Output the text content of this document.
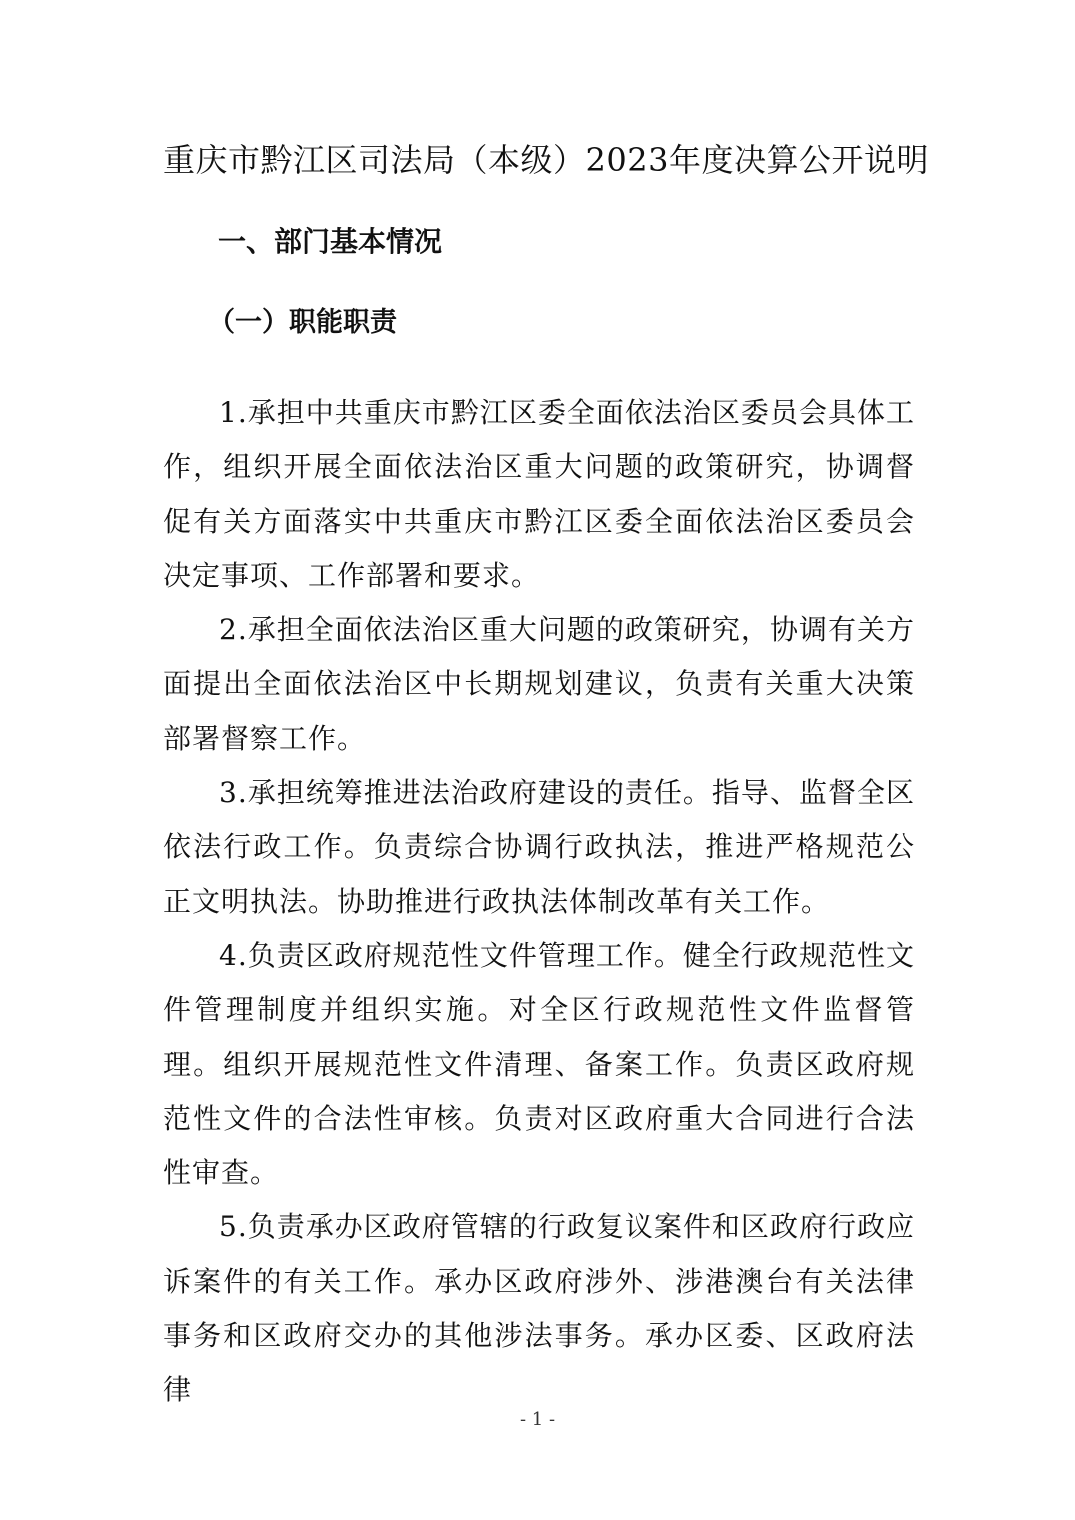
重庆市黔江区司法局（本级）2023年度决算公开说明
一、部门基本情况
（一）职能职责

1.承担中共重庆市黔江区委全面依法治区委员会具体工作，组织开展全面依法治区重大问题的政策研究，协调督促有关方面落实中共重庆市黔江区委全面依法治区委员会决定事项、工作部署和要求。

2.承担全面依法治区重大问题的政策研究，协调有关方面提出全面依法治区中长期规划建议，负责有关重大决策部署督察工作。

3.承担统筹推进法治政府建设的责任。指导、监督全区依法行政工作。负责综合协调行政执法，推进严格规范公正文明执法。协助推进行政执法体制改革有关工作。

4.负责区政府规范性文件管理工作。健全行政规范性文件管理制度并组织实施。对全区行政规范性文件监督管理。组织开展规范性文件清理、备案工作。负责区政府规范性文件的合法性审核。负责对区政府重大合同进行合法性审查。

5.负责承办区政府管辖的行政复议案件和区政府行政应诉案件的有关工作。承办区政府涉外、涉港澳台有关法律事务和区政府交办的其他涉法事务。承办区委、区政府法律

- 1 -
